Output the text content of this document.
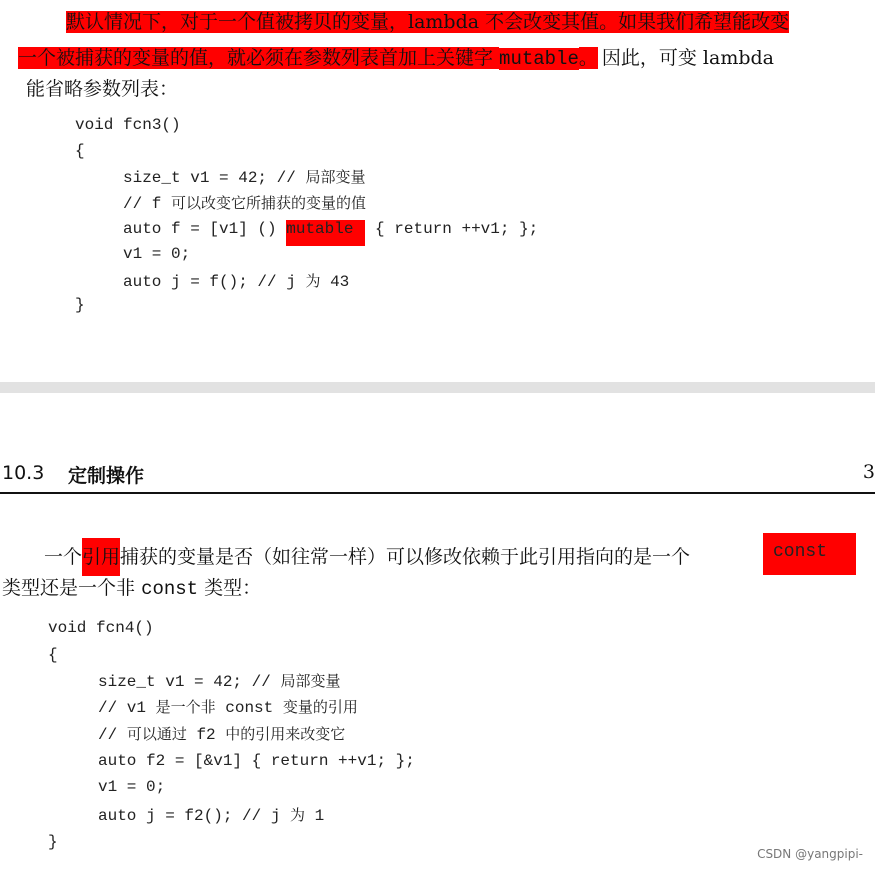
默认情况下，对于一个值被拷贝的变量，lambda 不会改变其值。如果我们希望能改变
一个被捕获的变量的值，就必须在参数列表首加上关键字 mutable。 因此，可变 lambda
能省略参数列表：
void fcn3()
{
size_t v1 = 42; // 局部变量
// f 可以改变它所捕获的变量的值
auto f = [v1] () mutable { return ++v1; };
v1 = 0;
auto j = f(); // j 为 43
}
10.3 定制操作	3
一个引用捕获的变量是否（如往常一样）可以修改依赖于此引用指向的是一个	const
类型还是一个非 const 类型：
void fcn4()
{
size_t v1 = 42; // 局部变量
// v1 是一个非 const 变量的引用
// 可以通过 f2 中的引用来改变它
auto f2 = [&v1] { return ++v1; };
v1 = 0;
auto j = f2(); // j 为 1
}
CSDN @yangpipi-
